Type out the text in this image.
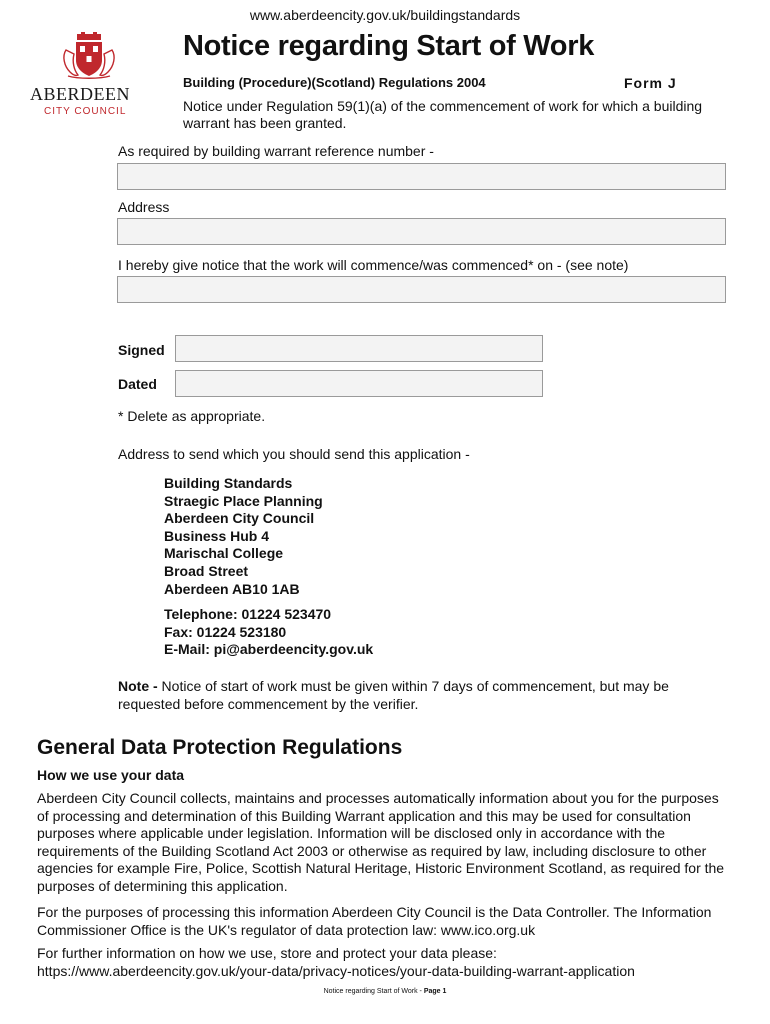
www.aberdeencity.gov.uk/buildingstandards
ABERDEEN
CITY COUNCIL
Notice regarding Start of Work
Building (Procedure)(Scotland) Regulations 2004	Form J
Notice under Regulation 59(1)(a) of the commencement of work for which a building warrant has been granted.
As required by building warrant reference number -
Address
I hereby give notice that the work will commence/was commenced* on - (see note)
Signed
Dated
* Delete as appropriate.
Address to send which you should send this application -
Building Standards
Straegic Place Planning
Aberdeen City Council
Business Hub 4
Marischal College
Broad Street
Aberdeen AB10 1AB
Telephone: 01224 523470
Fax: 01224 523180
E-Mail: pi@aberdeencity.gov.uk
Note - Notice of start of work must be given within 7 days of commencement, but may be requested before commencement by the verifier.
General Data Protection Regulations
How we use your data
Aberdeen City Council collects, maintains and processes automatically information about you for the purposes of processing and determination of this Building Warrant application and this may be used for consultation purposes where applicable under legislation. Information will be disclosed only in accordance with the requirements of the Building Scotland Act 2003 or otherwise as required by law, including disclosure to other agencies for example Fire, Police, Scottish Natural Heritage, Historic Environment Scotland, as required for the purposes of determining this application.
For the purposes of processing this information Aberdeen City Council is the Data Controller. The Information Commissioner Office is the UK's regulator of data protection law: www.ico.org.uk
For further information on how we use, store and protect your data please: https://www.aberdeencity.gov.uk/your-data/privacy-notices/your-data-building-warrant-application
Notice regarding Start of Work - Page 1
